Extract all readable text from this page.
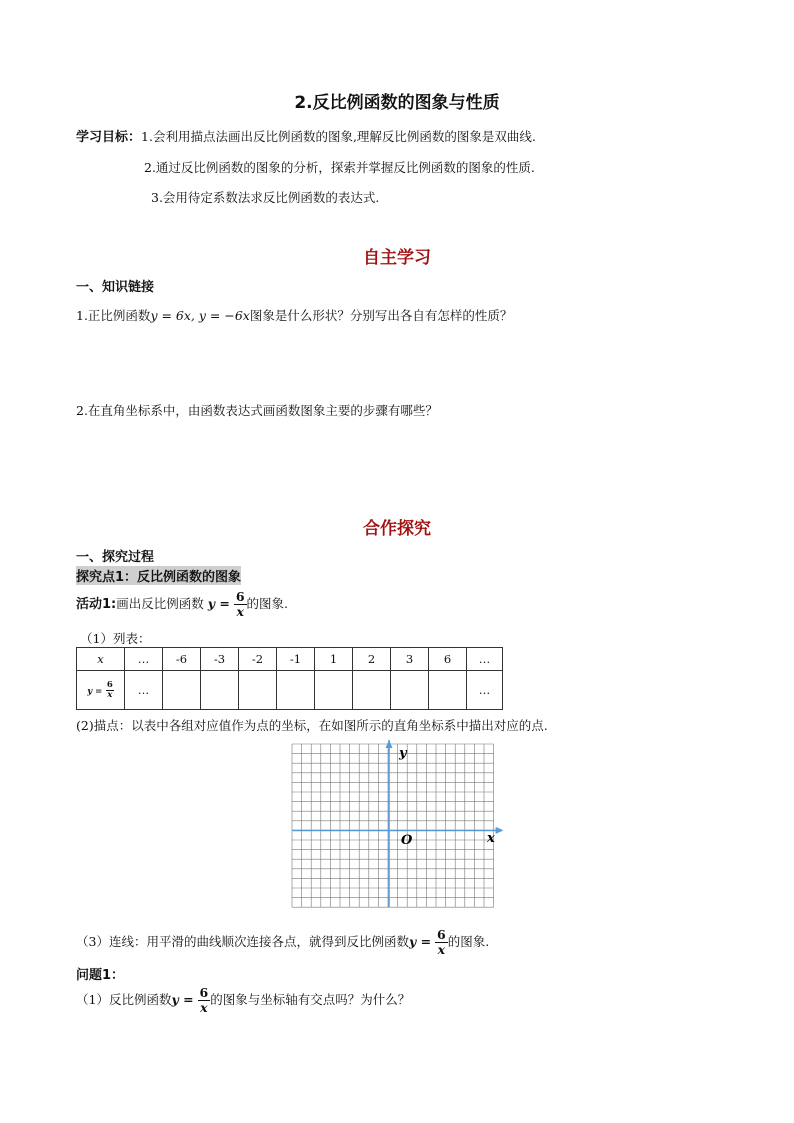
2.反比例函数的图象与性质
学习目标：1.会利用描点法画出反比例函数的图象,理解反比例函数的图象是双曲线.
2.通过反比例函数的图象的分析，探索并掌握反比例函数的图象的性质.
3.会用待定系数法求反比例函数的表达式.
自主学习
一、知识链接
1.正比例函数y = 6x, y = −6x图象是什么形状？分别写出各自有怎样的性质？
2.在直角坐标系中，由函数表达式画函数图象主要的步骤有哪些？
合作探究
一、探究过程
探究点1：反比例函数的图象
活动1:画出反比例函数 $y = \frac{6}{x}$ 的图象.
（1）列表：
x	…	-6	-3	-2	-1	1	2	3	6	…
$y = \frac{6}{x}$	…									…
(2)描点：以表中各组对应值作为点的坐标，在如图所示的直角坐标系中描出对应的点.
y
x
O
（3）连线：用平滑的曲线顺次连接各点，就得到反比例函数$y = \frac{6}{x}$ 的图象.
问题1：
（1）反比例函数$y = \frac{6}{x}$ 的图象与坐标轴有交点吗？为什么？
